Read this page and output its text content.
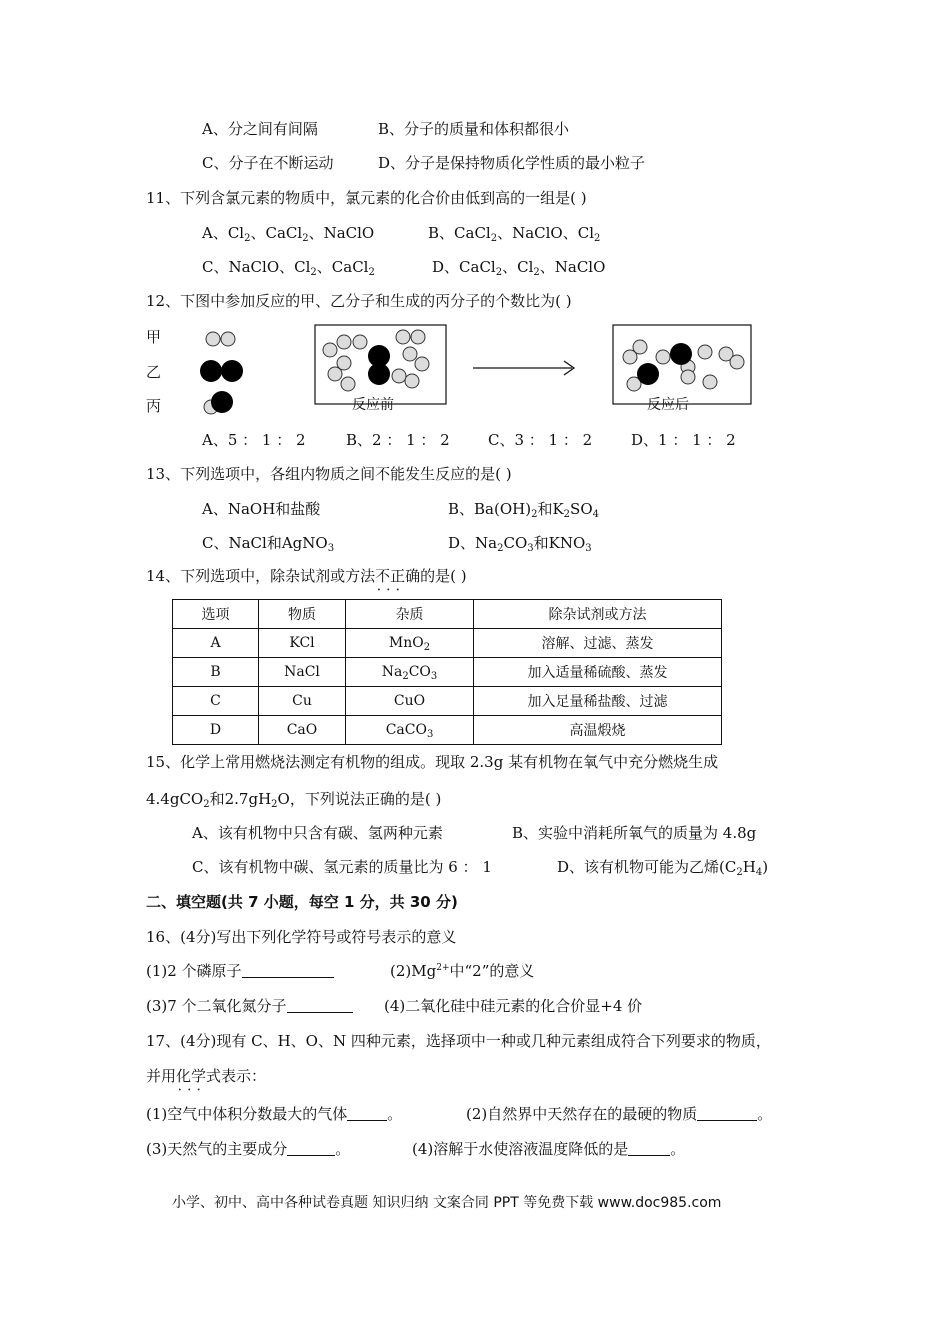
A、分之间有间隔	B、分子的质量和体积都很小
C、分子在不断运动	D、分子是保持物质化学性质的最小粒子
11、下列含氯元素的物质中，氯元素的化合价由低到高的一组是( )
A、$Cl_2$、CaCl$_2$、NaClO	B、CaCl$_2$、NaClO、$Cl_2$
C、NaClO、$Cl_2$、CaCl$_2$	D、CaCl$_2$、$Cl_2$、NaClO
12、下图中参加反应的甲、乙分子和生成的丙分子的个数比为( )
甲
乙
丙	反应前	反应后
A、5 ： 1 ： 2	B、2 ： 1 ： 2	C、3 ： 1 ： 2	D、1 ： 1 ： 2
13、下列选项中，各组内物质之间不能发生反应的是( )
A、NaOH和盐酸	B、$Ba(OH)_2$和$K_2SO_4$
C、NaCl和AgNO$_3$	D、$Na_2CO_3$和$KNO_3$
14、下列选项中，除杂试剂或方法不正确 • • •的是( )
选项	物质	杂质	除杂试剂或方法
A	KCl	MnO$_2$	溶解、过滤、蒸发
B	NaCl	$Na_2CO_3$	加入适量稀硫酸、蒸发
C	Cu	CuO	加入足量稀盐酸、过滤
D	CaO	CaCO$_3$	高温煅烧
15、化学上常用燃烧法测定有机物的组成。现取 2.3g 某有机物在氧气中充分燃烧生成
4.4gCO$_2$和$2.7gH_2O$，下列说法正确的是( )
A、该有机物中只含有碳、氢两种元素	B、实验中消耗所氧气的质量为 4.8g
C、该有机物中碳、氢元素的质量比为 6 ： 1	D、该有机物可能为乙烯$(C_2H_4)$
二、填空题(共 7 小题，每空 1 分，共 30 分)
16、(4分)写出下列化学符号或符号表示的意义
(1)2 个磷原子	$(2)Mg^{2+}$中“2”的意义
(3)7 个二氧化氮分子	(4)二氧化硅中硅元素的化合价显+4 价
17、(4分)现有 C、H、O、N 四种元素，选择项中一种或几种元素组成符合下列要求的物质，
并用化学式 • • •表示：
(1)空气中体积分数最大的气体	。	(2)自然界中天然存在的最硬的物质	。
(3)天然气的主要成分	。	(4)溶解于水使溶液温度降低的是	。
小学、初中、高中各种试卷真题 知识归纳 文案合同 PPT 等免费下载 www.doc985.com
